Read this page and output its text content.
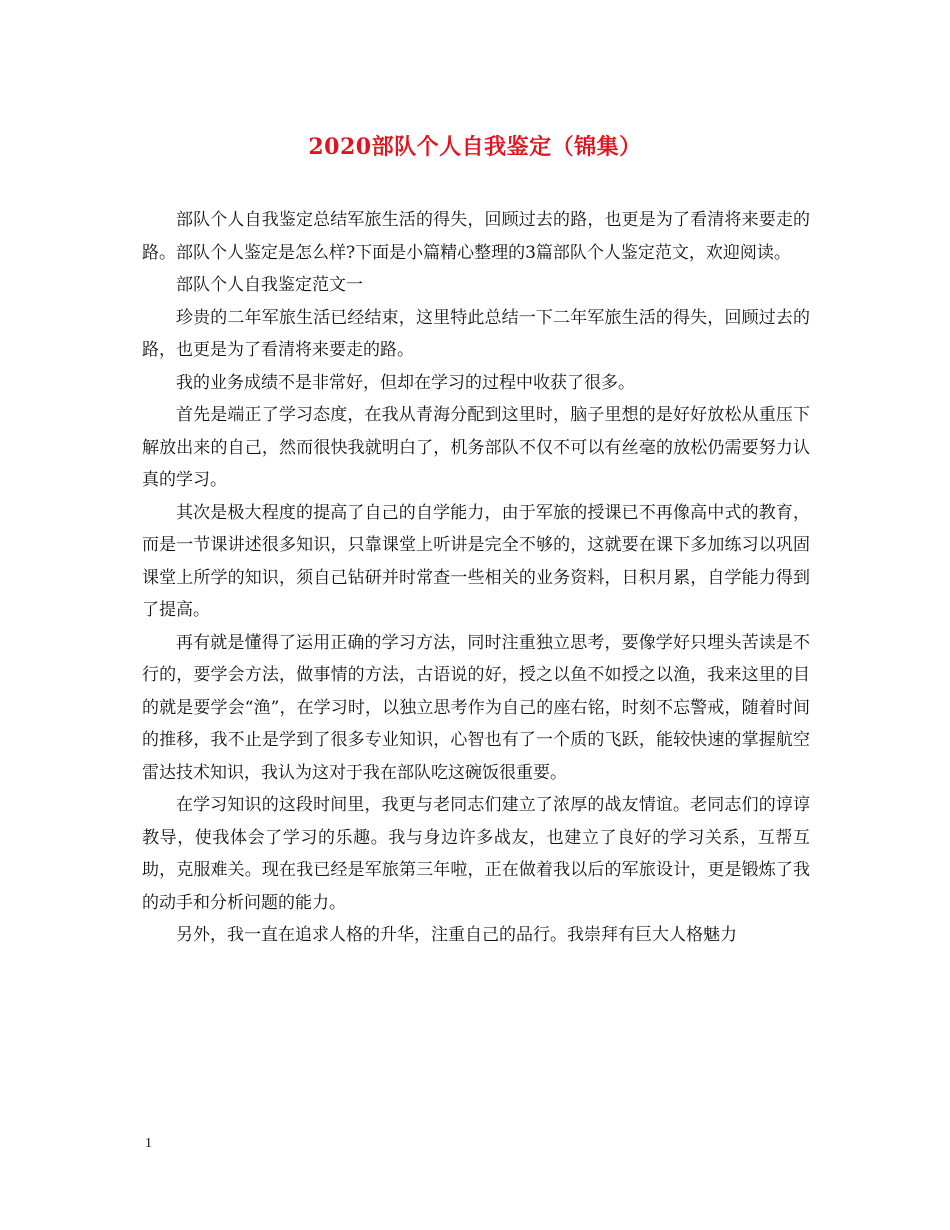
2020部队个人自我鉴定（锦集）

部队个人自我鉴定总结军旅生活的得失，回顾过去的路，也更是为了看清将来要走的路。部队个人鉴定是怎么样?下面是小篇精心整理的3篇部队个人鉴定范文，欢迎阅读。

部队个人自我鉴定范文一

珍贵的二年军旅生活已经结束，这里特此总结一下二年军旅生活的得失，回顾过去的路，也更是为了看清将来要走的路。

我的业务成绩不是非常好，但却在学习的过程中收获了很多。

首先是端正了学习态度，在我从青海分配到这里时，脑子里想的是好好放松从重压下解放出来的自己，然而很快我就明白了，机务部队不仅不可以有丝毫的放松仍需要努力认真的学习。

其次是极大程度的提高了自己的自学能力，由于军旅的授课已不再像高中式的教育，而是一节课讲述很多知识，只靠课堂上听讲是完全不够的，这就要在课下多加练习以巩固课堂上所学的知识，须自己钻研并时常查一些相关的业务资料，日积月累，自学能力得到了提高。

再有就是懂得了运用正确的学习方法，同时注重独立思考，要像学好只埋头苦读是不行的，要学会方法，做事情的方法，古语说的好，授之以鱼不如授之以渔，我来这里的目的就是要学会“渔”，在学习时，以独立思考作为自己的座右铭，时刻不忘警戒，随着时间的推移，我不止是学到了很多专业知识，心智也有了一个质的飞跃，能较快速的掌握航空雷达技术知识，我认为这对于我在部队吃这碗饭很重要。

在学习知识的这段时间里，我更与老同志们建立了浓厚的战友情谊。老同志们的谆谆教导，使我体会了学习的乐趣。我与身边许多战友，也建立了良好的学习关系，互帮互助，克服难关。现在我已经是军旅第三年啦，正在做着我以后的军旅设计，更是锻炼了我的动手和分析问题的能力。

另外，我一直在追求人格的升华，注重自己的品行。我崇拜有巨大人格魅力

1
